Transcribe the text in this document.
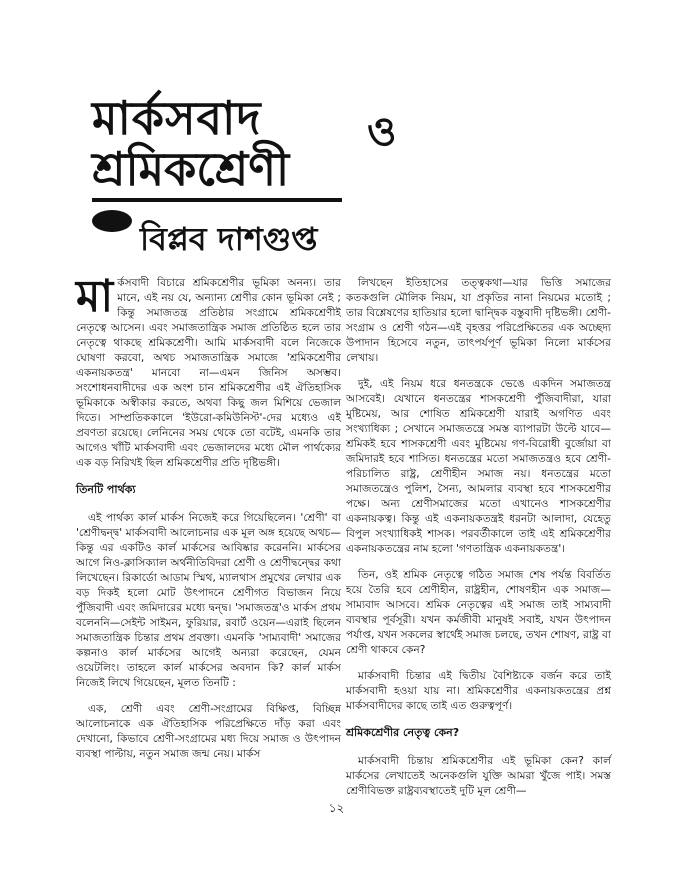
মার্কসবাদ	ও
শ্রমিকশ্রেণী
বিপ্লব দাশগুপ্ত

মার্কসবাদী বিচারে শ্রমিকশ্রেণীর ভূমিকা অনন্য। তার মানে, এই নয় যে, অন্যান্য শ্রেণীর কোন ভূমিকা নেই ; কিন্তু সমাজতন্ত্র প্রতিষ্ঠার সংগ্রামে শ্রমিকশ্রেণীই নেতৃত্বে আসেন। এবং সমাজতান্ত্রিক সমাজ প্রতিষ্ঠিত হলে তার নেতৃত্বে থাকছে শ্রমিকশ্রেণী। আমি মার্কসবাদী বলে নিজেকে ঘোষণা করবো, অথচ সমাজতান্ত্রিক সমাজে 'শ্রমিকশ্রেণীর একনায়কতন্ত্র' মানবো না—এমন জিনিস অসম্ভব। সংশোধনবাদীদের এক অংশ চান শ্রমিকশ্রেণীর এই ঐতিহাসিক ভূমিকাকে অস্বীকার করতে, অথবা কিছু জল মিশিয়ে ভেজাল দিতে। সাম্প্রতিককালে 'ইউরো-কমিউনিস্ট'-দের মধ্যেও এই প্রবণতা রয়েছে। লেনিনের সময় থেকে তো বটেই, এমনকি তার আগেও খাঁটি মার্কসবাদী এবং ভেজালদের মধ্যে মৌল পার্থক্যের এক বড় নিরিখই ছিল শ্রমিকশ্রেণীর প্রতি দৃষ্টিভঙ্গী।

তিনটি পার্থক্য

এই পার্থক্য কার্ল মার্কস নিজেই করে গিয়েছিলেন। 'শ্রেণী' বা 'শ্রেণীদ্বন্দ্ব' মার্কসবাদী আলোচনার এক মূল অঙ্গ হয়েছে অথচ—কিন্তু এর একটিও কার্ল মার্কসের আবিষ্কার করেননি। মার্কসের আগে নিও-ক্লাসিক্যাল অর্থনীতিবিদরা শ্রেণী ও শ্রেণীদ্বন্দ্বের কথা লিখেছেন। রিকার্ডো আডাম স্মিথ, ম্যালথাস প্রমুখের লেখার এক বড় দিকই হলো মোট উৎপাদনে শ্রেণীগত বিভাজন নিয়ে পুঁজিবাদী এবং জমিদারের মধ্যে দ্বন্দ্ব। 'সমাজতন্ত্র'ও মার্কস প্রথম বলেননি—সেইন্ট সাইমন, ফুরিয়ার, রবার্ট ওয়েন—এরাই ছিলেন সমাজতান্ত্রিক চিন্তার প্রথম প্রবক্তা। এমনকি 'সাম্যবাদী' সমাজের কল্পনাও কার্ল মার্কসের আগেই অন্যরা করেছেন, যেমন ওয়েটলিং। তাহলে কার্ল মার্কসের অবদান কি? কার্ল মার্কস নিজেই লিখে গিয়েছেন, মূলত তিনটি :

এক, শ্রেণী এবং শ্রেণী-সংগ্রামের বিক্ষিপ্ত, বিচ্ছিন্ন আলোচনাকে এক ঐতিহাসিক পরিপ্রেক্ষিতে দাঁড় করা এবং দেখানো, কিভাবে শ্রেণী-সংগ্রামের মধ্য দিয়ে সমাজ ও উৎপাদন ব্যবস্থা পাল্টায়, নতুন সমাজ জন্ম নেয়। মার্কস

লিখছেন ইতিহাসের তত্ত্বকথা—যার ভিত্তি সমাজের কতকগুলি মৌলিক নিয়ম, যা প্রকৃতির নানা নিয়মের মতোই ; তার বিশ্লেষণের হাতিয়ার হলো দ্বান্দ্বিক বস্তুবাদী দৃষ্টিভঙ্গী। শ্রেণী-সংগ্রাম ও শ্রেণী গঠন—এই বৃহত্তর পরিপ্রেক্ষিতের এক অচ্ছেদ্য উপাদান হিসেবে নতুন, তাৎপর্যপূর্ণ ভূমিকা নিলো মার্কসের লেখায়।

দুই, এই নিয়ম ধরে ধনতন্ত্রকে ভেঙে একদিন সমাজতন্ত্র আসবেই। যেখানে ধনতন্ত্রের শাসকশ্রেণী পুঁজিবাদীরা, যারা মুষ্টিমেয়, আর শোষিত শ্রমিকশ্রেণী যারাই অগণিত এবং সংখ্যাধিক্য ; সেখানে সমাজতন্ত্রে সমস্ত ব্যাপারটা উল্টে যাবে—শ্রমিকই হবে শাসকশ্রেণী এবং মুষ্টিমেয় গণ-বিরোধী বুর্জোয়া বা জমিদারই হবে শাসিত। ধনতন্ত্রের মতো সমাজতন্ত্রও হবে শ্রেণী-পরিচালিত রাষ্ট্র, শ্রেণীহীন সমাজ নয়। ধনতন্ত্রের মতো সমাজতন্ত্রেও পুলিশ, সৈন্য, আমলার ব্যবস্থা হবে শাসকশ্রেণীর পক্ষে। অন্য শ্রেণীসমাজের মতো এখানেও শাসকশ্রেণীর একনায়কত্ব। কিন্তু এই একনায়কতন্ত্রই ধরনটা আলাদা, যেহেতু বিপুল সংখ্যাধিকই শাসক। পরবর্তীকালে তাই এই শ্রমিকশ্রেণীর একনায়কতন্ত্রের নাম হলো 'গণতান্ত্রিক একনায়কতন্ত্র'।

তিন, ওই শ্রমিক নেতৃত্বে গঠিত সমাজ শেষ পর্যন্ত বিবর্তিত হয়ে তৈরি হবে শ্রেণীহীন, রাষ্ট্রহীন, শোষণহীন এক সমাজ—সাম্যবাদ আসবে। শ্রমিক নেতৃত্বের এই সমাজ তাই সাম্যবাদী ব্যবস্থার পূর্বসূরী। যখন কর্মজীবী মানুষই সবাই, যখন উৎপাদন পর্যাপ্ত, যখন সকলের স্বার্থেই সমাজ চলছে, তখন শোষণ, রাষ্ট্র বা শ্রেণী থাকবে কেন?

মার্কসবাদী চিন্তার এই দ্বিতীয় বৈশিষ্ট্যকে বর্জন করে তাই মার্কসবাদী হওয়া যায় না। শ্রমিকশ্রেণীর একনায়কতন্ত্রের প্রশ্ন মার্কসবাদীদের কাছে তাই এত গুরুত্বপূর্ণ।

শ্রমিকশ্রেণীর নেতৃত্ব কেন?

মার্কসবাদী চিন্তায় শ্রমিকশ্রেণীর এই ভূমিকা কেন? কার্ল মার্কসের লেখাতেই অনেকগুলি যুক্তি আমরা খুঁজে পাই। সমস্ত শ্রেণীবিভক্ত রাষ্ট্রব্যবস্থাতেই দুটি মূল শ্রেণী—

১২
